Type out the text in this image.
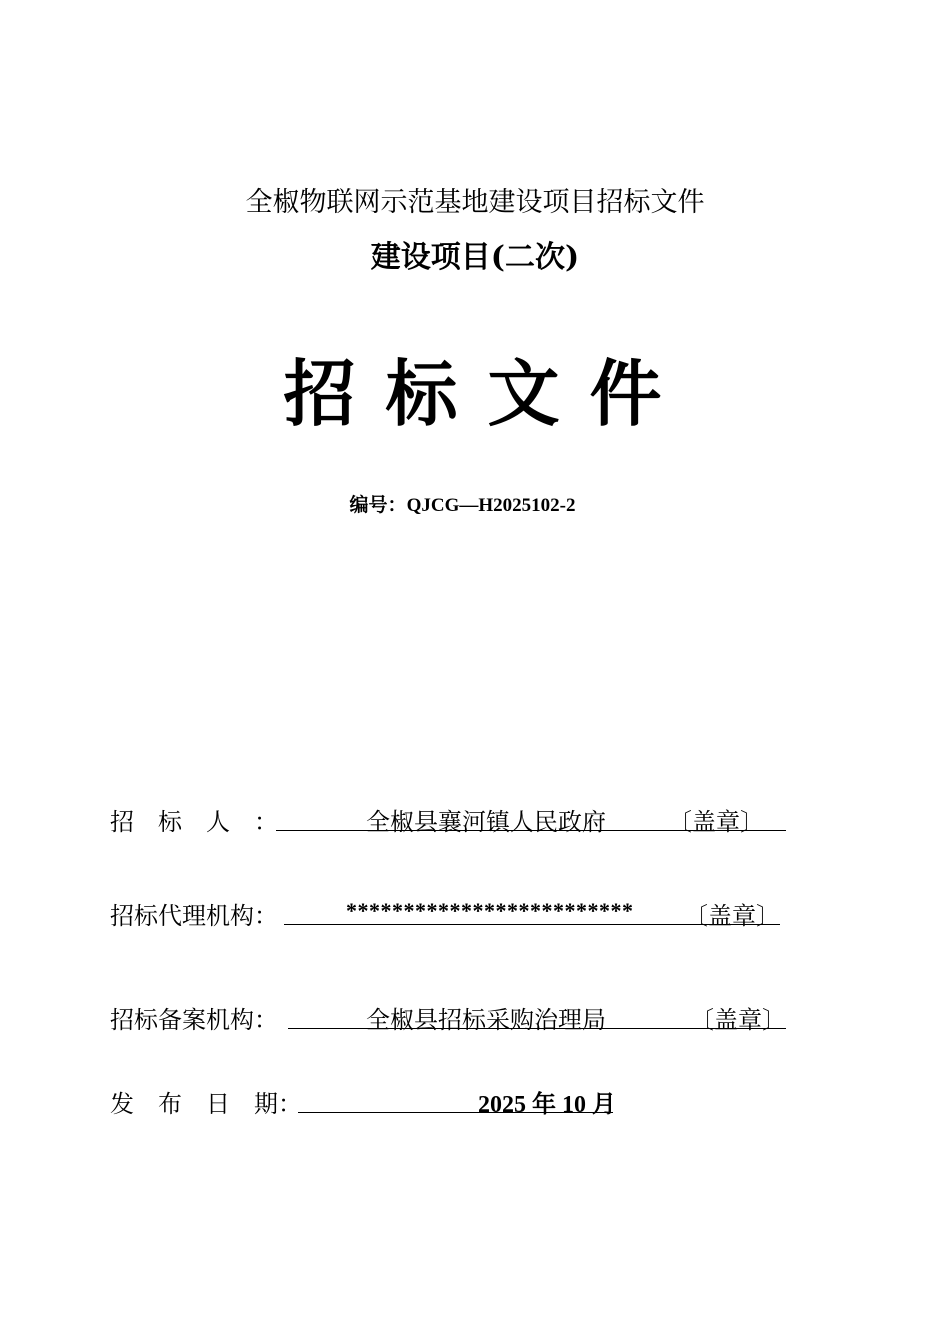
全椒物联网示范基地建设项目招标文件
建设项目(二次)
招标文件
编号：QJCG—H2025102-2
招　标　人　：	全椒县襄河镇人民政府	〔盖章〕
招标代理机构：	************************* 〔盖章〕
招标备案机构：	全椒县招标采购治理局	〔盖章〕
发　布　日　期：	2025 年 10 月
